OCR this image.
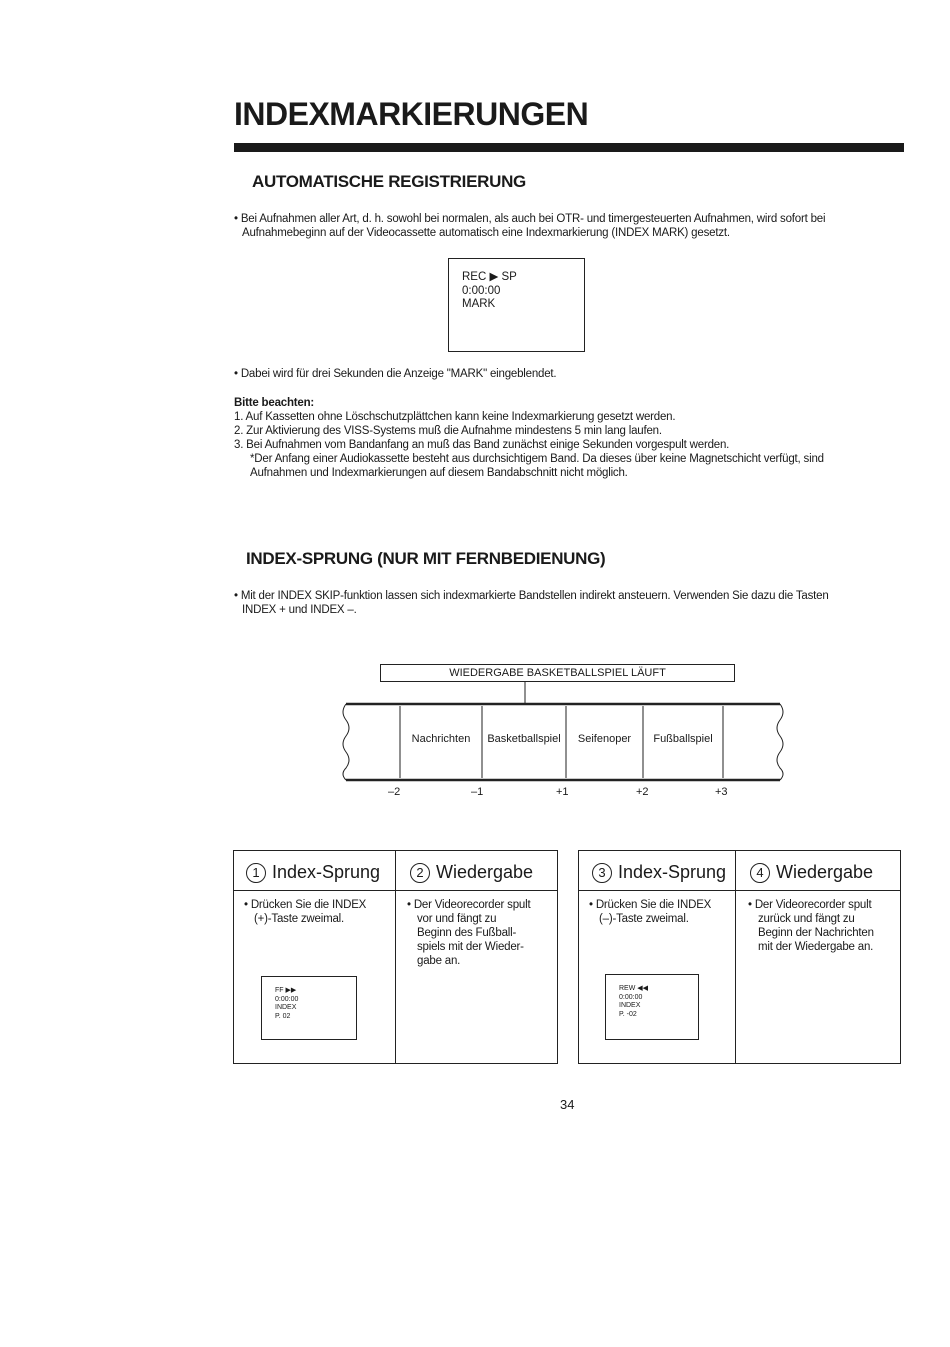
INDEXMARKIERUNGEN
AUTOMATISCHE REGISTRIERUNG
• Bei Aufnahmen aller Art, d. h. sowohl bei normalen, als auch bei OTR- und timergesteuerten Aufnahmen, wird sofort bei
Aufnahmebeginn auf der Videocassette automatisch eine Indexmarkierung (INDEX MARK) gesetzt.
REC ▶ SP
0:00:00
MARK
• Dabei wird für drei Sekunden die Anzeige "MARK" eingeblendet.
Bitte beachten:
1. Auf Kassetten ohne Löschschutzplättchen kann keine Indexmarkierung gesetzt werden.
2. Zur Aktivierung des VISS-Systems muß die Aufnahme mindestens 5 min lang laufen.
3. Bei Aufnahmen vom Bandanfang an muß das Band zunächst einige Sekunden vorgespult werden.
*Der Anfang einer Audiokassette besteht aus durchsichtigem Band. Da dieses über keine Magnetschicht verfügt, sind
Aufnahmen und Indexmarkierungen auf diesem Bandabschnitt nicht möglich.
INDEX-SPRUNG (NUR MIT FERNBEDIENUNG)
• Mit der INDEX SKIP-funktion lassen sich indexmarkierte Bandstellen indirekt ansteuern. Verwenden Sie dazu die Tasten
INDEX + und INDEX –.
WIEDERGABE BASKETBALLSPIEL LÄUFT
Nachrichten	Basketballspiel	Seifenoper	Fußballspiel
–2	–1	+1	+2	+3
1 Index-Sprung
• Drücken Sie die INDEX
(+)-Taste zweimal.
FF ▶▶
0:00:00
INDEX
P. 02
2 Wiedergabe
• Der Videorecorder spult
vor und fängt zu
Beginn des Fußball-
spiels mit der Wieder-
gabe an.
3 Index-Sprung
• Drücken Sie die INDEX
(–)-Taste zweimal.
REW ◀◀
0:00:00
INDEX
P. -02
4 Wiedergabe
• Der Videorecorder spult
zurück und fängt zu
Beginn der Nachrichten
mit der Wiedergabe an.
34
